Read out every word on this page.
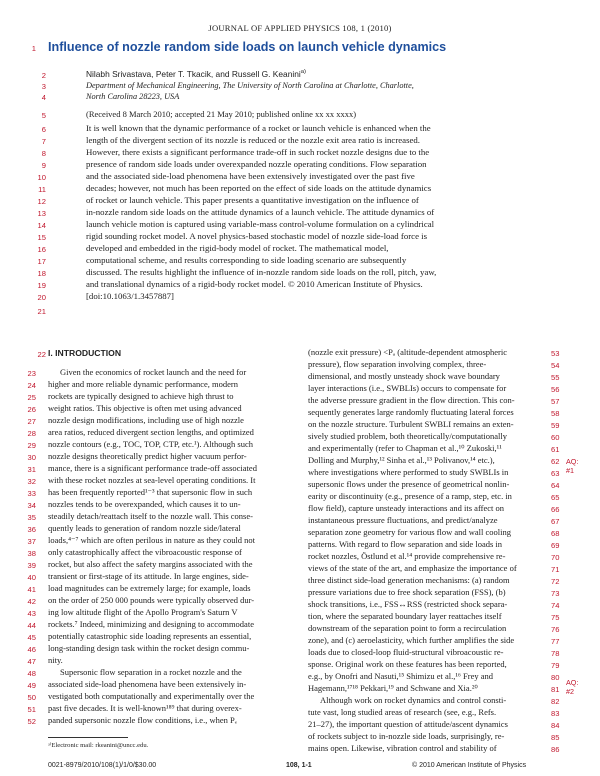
JOURNAL OF APPLIED PHYSICS 108, 1 (2010)
1 Influence of nozzle random side loads on launch vehicle dynamics
Nilabh Srivastava, Peter T. Tkacik, and Russell G. Keanini$^{a)}$
Department of Mechanical Engineering, The University of North Carolina at Charlotte, Charlotte,
North Carolina 28223, USA
(Received 8 March 2010; accepted 21 May 2010; published online xx xx xxxx)
2
3
4
5
6
7
8
9
10
11
12
13
14
15
16
17
18
19
20
21
22
It is well known that the dynamic performance of a rocket or launch vehicle is enhanced when the
length of the divergent section of its nozzle is reduced or the nozzle exit area ratio is increased.
However, there exists a significant performance trade-off in such rocket nozzle designs due to the
presence of random side loads under overexpanded nozzle operating conditions. Flow separation
and the associated side-load phenomena have been extensively investigated over the past five
decades; however, not much has been reported on the effect of side loads on the attitude dynamics
of rocket or launch vehicle. This paper presents a quantitative investigation on the influence of
in-nozzle random side loads on the attitude dynamics of a launch vehicle. The attitude dynamics of
launch vehicle motion is captured using variable-mass control-volume formulation on a cylindrical
rigid sounding rocket model. A novel physics-based stochastic model of nozzle side-load force is
developed and embedded in the rigid-body model of rocket. The mathematical model,
computational scheme, and results corresponding to side loading scenario are subsequently
discussed. The results highlight the influence of in-nozzle random side loads on the roll, pitch, yaw,
and translational dynamics of a rigid-body rocket model. © 2010 American Institute of Physics.
[doi:10.1063/1.3457887]
I. INTRODUCTION
Given the economics of rocket launch and the need for
higher and more reliable dynamic performance, modern
rockets are typically designed to achieve high thrust to
weight ratios. This objective is often met using advanced
nozzle design modifications, including use of high nozzle
area ratios, reduced divergent section lengths, and optimized
nozzle contours (e.g., TOC, TOP, CTP, etc.¹). Although such
nozzle designs theoretically predict higher vacuum perfor-
mance, there is a significant performance trade-off associated
with these rocket nozzles at sea-level operating conditions. It
has been frequently reported¹⁻³ that supersonic flow in such
nozzles tends to be overexpanded, which causes it to un-
steadily detach/reattach itself to the nozzle wall. This conse-
quently leads to generation of random nozzle side/lateral
loads,⁴⁻⁷ which are often perilous in nature as they could not
only catastrophically affect the vibroacoustic response of
rocket, but also affect the safety margins associated with the
transient or first-stage of its attitude. In large engines, side-
load magnitudes can be extremely large; for example, loads
on the order of 250 000 pounds were typically observed dur-
ing low altitude flight of the Apollo Program's Saturn V
rockets.⁷ Indeed, minimizing and designing to accommodate
potentially catastrophic side loading represents an essential,
long-standing design task within the rocket design commu-
nity.
Supersonic flow separation in a rocket nozzle and the
associated side-load phenomena have been extensively in-
vestigated both computationally and experimentally over the
past five decades. It is well-known¹⁸⁹ that during overex-
panded supersonic nozzle flow conditions, i.e., when Pₑ
23
24
25
26
27
28
29
30
31
32
33
34
35
36
37
38
39
40
41
42
43
44
45
46
47
48
49
50
51
52
(nozzle exit pressure) <Pₐ (altitude-dependent atmospheric
pressure), flow separation involving complex, three-
dimensional, and mostly unsteady shock wave boundary
layer interactions (i.e., SWBLIs) occurs to compensate for
the adverse pressure gradient in the flow direction. This con-
sequently generates large randomly fluctuating lateral forces
on the nozzle structure. Turbulent SWBLI remains an exten-
sively studied problem, both theoretically/computationally
and experimentally (refer to Chapman et al.,¹⁰ Zukoski,¹¹
Dolling and Murphy,¹² Sinha et al.,¹³ Polivanov,¹⁴ etc.),
where investigations where performed to study SWBLIs in
supersonic flows under the presence of geometrical nonlin-
earity or discontinuity (e.g., presence of a ramp, step, etc. in
flow field), capture unsteady interactions and its affect on
instantaneous pressure fluctuations, and predict/analyze
separation zone geometry for various flow and wall cooling
patterns. With regard to flow separation and side loads in
rocket nozzles, Östlund et al.¹⁴ provide comprehensive re-
views of the state of the art, and emphasize the importance of
three distinct side-load generation mechanisms: (a) random
pressure variations due to free shock separation (FSS), (b)
shock transitions, i.e., FSS↔RSS (restricted shock separa-
tion, where the separated boundary layer reattaches itself
downstream of the separation point to form a recirculation
zone), and (c) aeroelasticity, which further amplifies the side
loads due to closed-loop fluid-structural vibroacoustic re-
sponse. Original work on these features has been reported,
e.g., by Onofri and Nasuti,¹⁵ Shimizu et al.,¹⁶ Frey and
Hagemann,¹⁷¹⁸ Pekkari,¹⁹ and Schwane and Xia.²⁰
Although work on rocket dynamics and control consti-
tute vast, long studied areas of research (see, e.g., Refs.
21–27), the important question of attitude/ascent dynamics
of rockets subject to in-nozzle side loads, surprisingly, re-
mains open. Likewise, vibration control and stability of
53
54
55
56
57
58
59
60
61
62
63
64
65
66
67
68
69
70
71
72
73
74
75
76
77
78
79
80
81
82
83
84
85
86
AQ:
#1
AQ:
#2
ᵃ⁾Electronic mail: rkeanini@uncc.edu.
0021-8979/2010/108(1)/1/0/$30.00	108, 1-1	© 2010 American Institute of Physics
